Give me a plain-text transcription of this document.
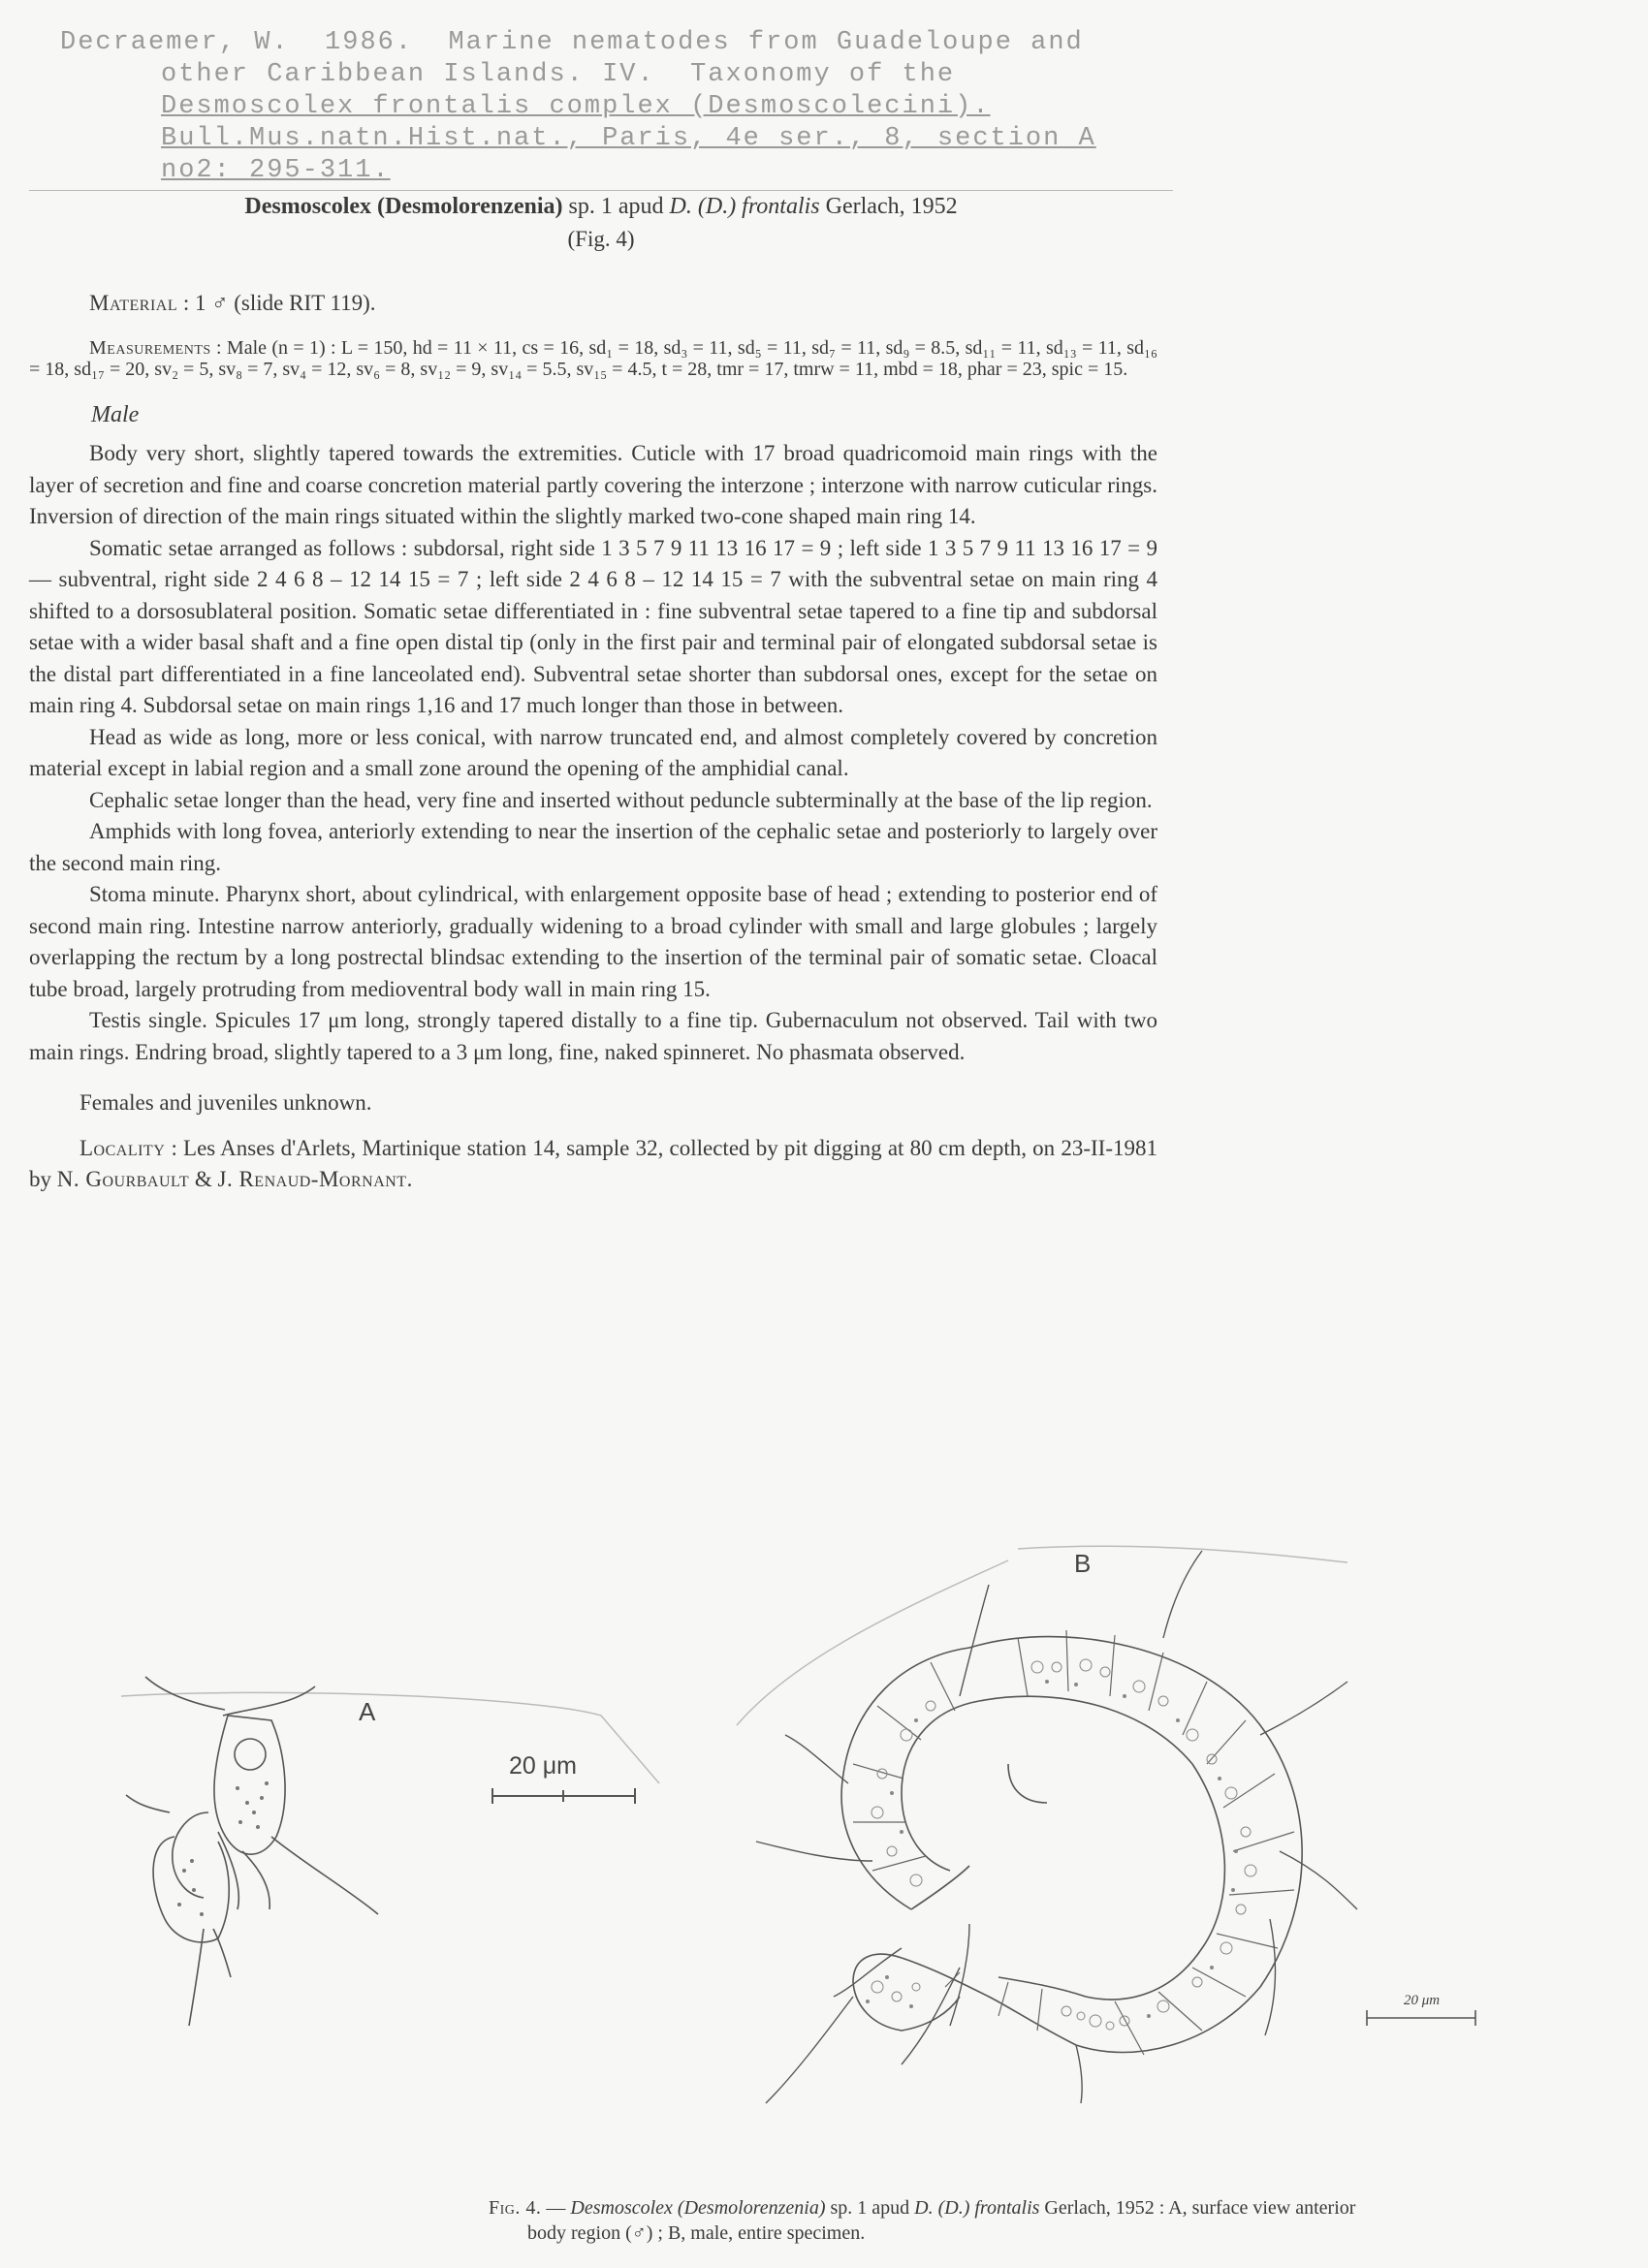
Decraemer, W.  1986.  Marine nematodes from Guadeloupe and
other Caribbean Islands. IV.  Taxonomy of the
Desmoscolex frontalis complex (Desmoscolecini).
Bull.Mus.natn.Hist.nat., Paris, 4e ser., 8, section A
no2: 295-311.
Desmoscolex (Desmolorenzenia) sp. 1 apud D. (D.) frontalis Gerlach, 1952
(Fig. 4)

Material : 1 ♂ (slide RIT 119).

Measurements : Male (n = 1) : L = 150, hd = 11 × 11, cs = 16, sd₁ = 18, sd₃ = 11, sd₅ = 11, sd₇ = 11, sd₉ = 8.5, sd₁₁ = 11, sd₁₃ = 11, sd₁₆ = 18, sd₁₇ = 20, sv₂ = 5, sv₈ = 7, sv₄ = 12, sv₆ = 8, sv₁₂ = 9, sv₁₄ = 5.5, sv₁₅ = 4.5, t = 28, tmr = 17, tmrw = 11, mbd = 18, phar = 23, spic = 15.

Male

Body very short, slightly tapered towards the extremities. Cuticle with 17 broad quadricomoid main rings with the layer of secretion and fine and coarse concretion material partly covering the interzone ; interzone with narrow cuticular rings. Inversion of direction of the main rings situated within the slightly marked two-cone shaped main ring 14.

Somatic setae arranged as follows : subdorsal, right side 1 3 5 7 9 11 13 16 17 = 9 ; left side 1 3 5 7 9 11 13 16 17 = 9 — subventral, right side 2 4 6 8 – 12 14 15 = 7 ; left side 2 4 6 8 – 12 14 15 = 7 with the subventral setae on main ring 4 shifted to a dorsosublateral position. Somatic setae differentiated in : fine subventral setae tapered to a fine tip and subdorsal setae with a wider basal shaft and a fine open distal tip (only in the first pair and terminal pair of elongated subdorsal setae is the distal part differentiated in a fine lanceolated end). Subventral setae shorter than subdorsal ones, except for the setae on main ring 4. Subdorsal setae on main rings 1,16 and 17 much longer than those in between.

Head as wide as long, more or less conical, with narrow truncated end, and almost completely covered by concretion material except in labial region and a small zone around the opening of the amphidial canal.

Cephalic setae longer than the head, very fine and inserted without peduncle subterminally at the base of the lip region.

Amphids with long fovea, anteriorly extending to near the insertion of the cephalic setae and posteriorly to largely over the second main ring.

Stoma minute. Pharynx short, about cylindrical, with enlargement opposite base of head ; extending to posterior end of second main ring. Intestine narrow anteriorly, gradually widening to a broad cylinder with small and large globules ; largely overlapping the rectum by a long postrectal blindsac extending to the insertion of the terminal pair of somatic setae. Cloacal tube broad, largely protruding from medioventral body wall in main ring 15.

Testis single. Spicules 17 μm long, strongly tapered distally to a fine tip. Gubernaculum not observed. Tail with two main rings. Endring broad, slightly tapered to a 3 μm long, fine, naked spinneret. No phasmata observed.

Females and juveniles unknown.

Locality : Les Anses d'Arlets, Martinique station 14, sample 32, collected by pit digging at 80 cm depth, on 23-II-1981 by N. Gourbault & J. Renaud-Mornant.

A
20 μm
B
20 μm
Fig. 4. — Desmoscolex (Desmolorenzenia) sp. 1 apud D. (D.) frontalis Gerlach, 1952 : A, surface view anterior
body region (♂) ; B, male, entire specimen.
